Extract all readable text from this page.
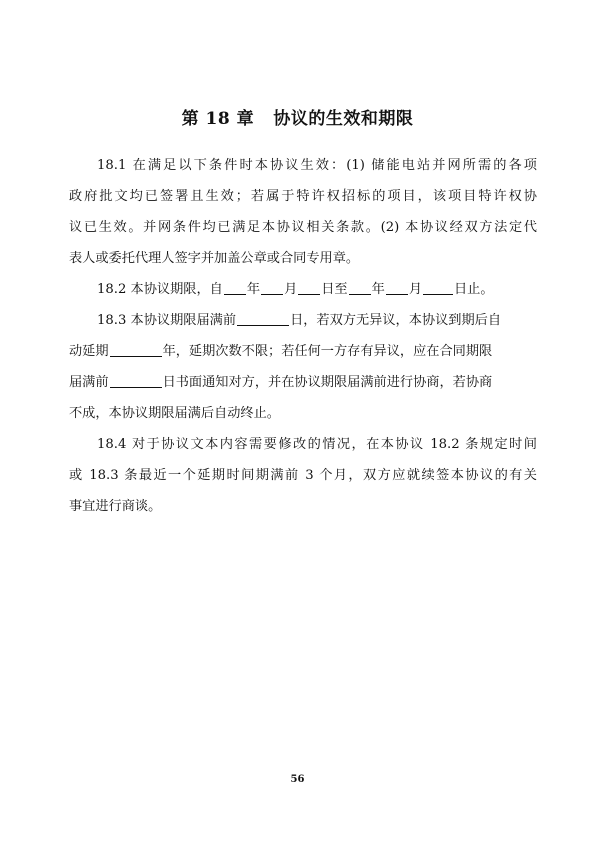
第 18 章   协议的生效和期限
18.1 在满足以下条件时本协议生效：(1) 储能电站并网所需的各项
政府批文均已签署且生效；若属于特许权招标的项目，该项目特许权协
议已生效。并网条件均已满足本协议相关条款。(2) 本协议经双方法定代
表人或委托代理人签字并加盖公章或合同专用章。
18.2 本协议期限，自 年 月 日至 年 月 日止。
18.3 本协议期限届满前	日，若双方无异议，本协议到期后自
动延期	年，延期次数不限；若任何一方存有异议，应在合同期限
届满前	日书面通知对方，并在协议期限届满前进行协商，若协商
不成，本协议期限届满后自动终止。
18.4 对于协议文本内容需要修改的情况，在本协议 18.2 条规定时间
或 18.3 条最近一个延期时间期满前 3 个月，双方应就续签本协议的有关
事宜进行商谈。
56
